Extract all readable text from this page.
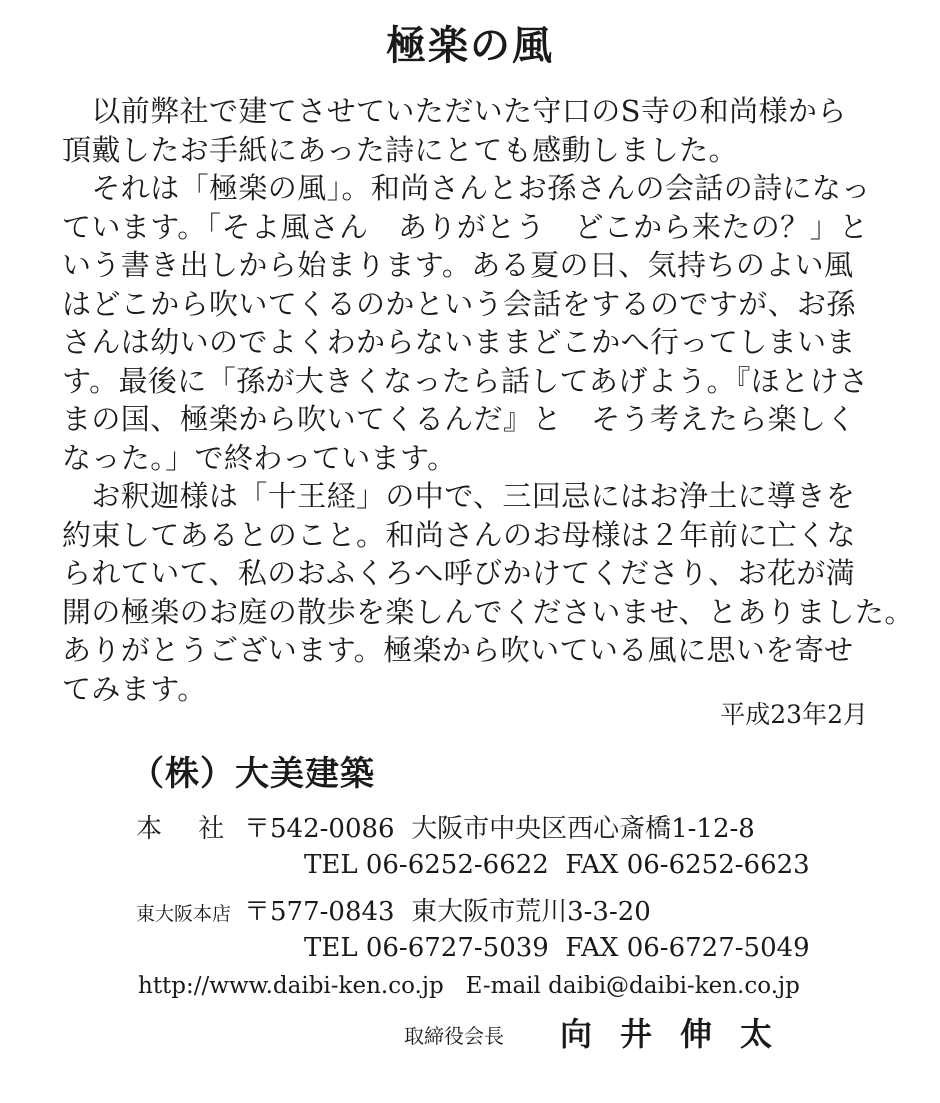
極楽の風
　以前弊社で建てさせていただいた守口のS寺の和尚様から
頂戴したお手紙にあった詩にとても感動しました。
　それは「極楽の風」。和尚さんとお孫さんの会話の詩になっ
ています。「そよ風さん　ありがとう　どこから来たの？」と
いう書き出しから始まります。ある夏の日、気持ちのよい風
はどこから吹いてくるのかという会話をするのですが、お孫
さんは幼いのでよくわからないままどこかへ行ってしまいま
す。最後に「孫が大きくなったら話してあげよう。『ほとけさ
まの国、極楽から吹いてくるんだ』と　そう考えたら楽しく
なった。」で終わっています。
　お釈迦様は「十王経」の中で、三回忌にはお浄土に導きを
約束してあるとのこと。和尚さんのお母様は２年前に亡くな
られていて、私のおふくろへ呼びかけてくださり、お花が満
開の極楽のお庭の散歩を楽しんでくださいませ、とありました。
ありがとうございます。極楽から吹いている風に思いを寄せ
てみます。
平成23年2月
（株）大美建築
本 社 〒542-0086  大阪市中央区西心斎橋1-12-8
TEL 06-6252-6622  FAX 06-6252-6623
東大阪本店 〒577-0843  東大阪市荒川3-3-20
TEL 06-6727-5039  FAX 06-6727-5049
http://www.daibi-ken.co.jp   E-mail daibi@daibi-ken.co.jp
取締役会長 向井伸太
